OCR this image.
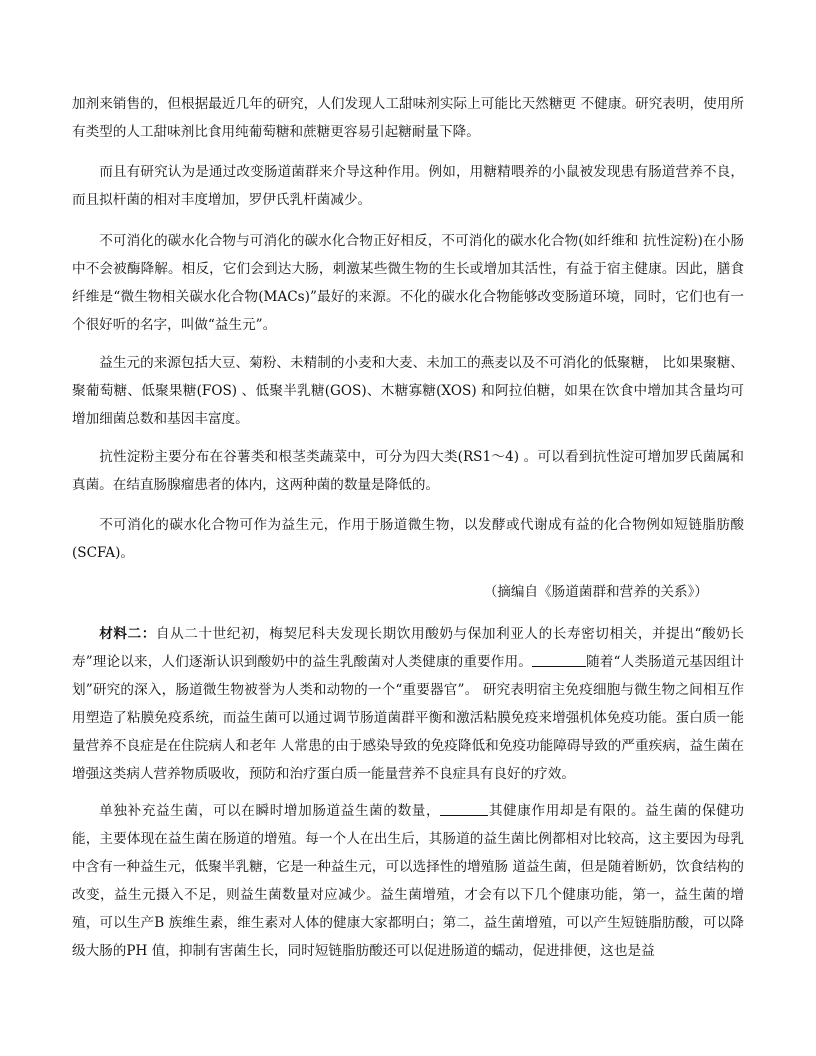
加剂来销售的，但根据最近几年的研究，人们发现人工甜味剂实际上可能比天然糖更 不健康。研究表明，使用所有类型的人工甜味剂比食用纯葡萄糖和蔗糖更容易引起糖耐量下降。

而且有研究认为是通过改变肠道菌群来介导这种作用。例如，用糖精喂养的小鼠被发现患有肠道营养不良，而且拟杆菌的相对丰度增加，罗伊氏乳杆菌减少。

不可消化的碳水化合物与可消化的碳水化合物正好相反，不可消化的碳水化合物(如纤维和 抗性淀粉)在小肠中不会被酶降解。相反，它们会到达大肠，刺激某些微生物的生长或增加其活性，有益于宿主健康。因此，膳食纤维是“微生物相关碳水化合物(MACs)”最好的来源。不化的碳水化合物能够改变肠道环境，同时，它们也有一个很好听的名字，叫做“益生元”。

益生元的来源包括大豆、菊粉、未精制的小麦和大麦、未加工的燕麦以及不可消化的低聚糖， 比如果聚糖、聚葡萄糖、低聚果糖(FOS) 、低聚半乳糖(GOS)、木糖寡糖(XOS) 和阿拉伯糖，如果在饮食中增加其含量均可增加细菌总数和基因丰富度。

抗性淀粉主要分布在谷薯类和根茎类蔬菜中，可分为四大类(RS1～4) 。可以看到抗性淀可增加罗氏菌属和真菌。在结直肠腺瘤患者的体内，这两种菌的数量是降低的。

不可消化的碳水化合物可作为益生元，作用于肠道微生物，以发酵或代谢成有益的化合物例如短链脂肪酸(SCFA)。

（摘编自《肠道菌群和营养的关系》）

材料二：自从二十世纪初，梅契尼科夫发现长期饮用酸奶与保加利亚人的长寿密切相关，并提出“酸奶长寿”理论以来，人们逐渐认识到酸奶中的益生乳酸菌对人类健康的重要作用。	随着“人类肠道元基因组计划”研究的深入，肠道微生物被誉为人类和动物的一个“重要器官”。 研究表明宿主免疫细胞与微生物之间相互作用塑造了粘膜免疫系统，而益生菌可以通过调节肠道菌群平衡和激活粘膜免疫来增强机体免疫功能。蛋白质一能量营养不良症是在住院病人和老年 人常患的由于感染导致的免疫降低和免疫功能障碍导致的严重疾病，益生菌在增强这类病人营养物质吸收，预防和治疗蛋白质一能量营养不良症具有良好的疗效。

单独补充益生菌，可以在瞬时增加肠道益生菌的数量，	其健康作用却是有限的。益生菌的保健功能，主要体现在益生菌在肠道的增殖。每一个人在出生后，其肠道的益生菌比例都相对比较高，这主要因为母乳中含有一种益生元，低聚半乳糖，它是一种益生元，可以选择性的增殖肠 道益生菌，但是随着断奶，饮食结构的改变，益生元摄入不足，则益生菌数量对应减少。益生菌增殖，才会有以下几个健康功能，第一，益生菌的增殖，可以生产B 族维生素，维生素对人体的健康大家都明白；第二，益生菌增殖，可以产生短链脂肪酸，可以降级大肠的PH 值，抑制有害菌生长，同时短链脂肪酸还可以促进肠道的蠕动，促进排便，这也是益
